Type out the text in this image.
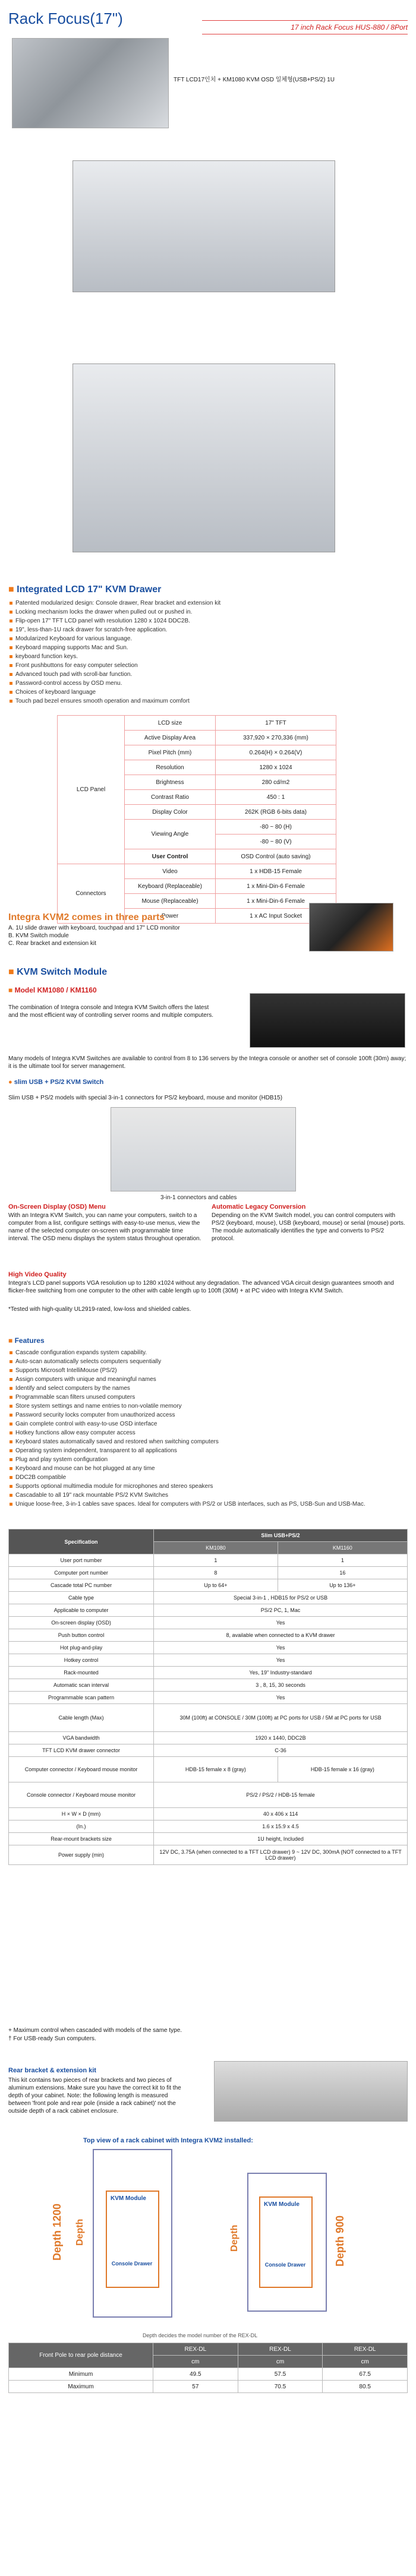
Rack Focus(17")	17 inch Rack Focus HUS-880 / 8Port
TFT LCD17인치 + KM1080 KVM OSD 일체형(USB+PS/2) 1U
■ Integrated LCD 17" KVM Drawer
Patented modularized design: Console drawer, Rear bracket and extension kit
Locking mechanism locks the drawer when pulled out or pushed in.
Flip-open 17" TFT LCD panel with resolution 1280 x 1024 DDC2B.
19", less-than-1U rack drawer for scratch-free application.
Modularized Keyboard for various language.
Keyboard mapping supports Mac and Sun.
keyboard function keys.
Front pushbuttons for easy computer selection
Advanced touch pad with scroll-bar function.
Password-control access by OSD menu.
Choices of keyboard language
Touch pad bezel ensures smooth operation and maximum comfort
LCD Panel	LCD size	17" TFT
	Active Display Area	337,920 × 270,336 (mm)
	Pixel Pitch (mm)	0.264(H) × 0.264(V)
	Resolution	1280 x 1024
	Brightness	280 cd/m2
	Contrast Ratio	450 : 1
	Display Color	262K (RGB 6-bits data)
	Viewing Angle	-80 ~ 80 (H)
		-80 ~ 80 (V)
	User Control	OSD Control (auto saving)
Connectors	Video	1 x HDB-15 Female
	Keyboard (Replaceable)	1 x Mini-Din-6 Female
	Mouse (Replaceable)	1 x Mini-Din-6 Female
	Power	1 x AC Input Socket
Integra KVM2 comes in three parts
A. 1U slide drawer with keyboard, touchpad and 17" LCD monitor
B. KVM Switch module
C. Rear bracket and extension kit
■ KVM Switch Module
■ Model KM1080 / KM1160
The combination of Integra console and Integra KVM Switch offers the latest and the most efficient way of controlling server rooms and multiple computers.
Many models of Integra KVM Switches are available to control from 8 to 136 servers by the Integra console or another set of console 100ft (30m) away; it is the ultimate tool for server management.
● slim USB + PS/2 KVM Switch
Slim USB + PS/2 models with special 3-in-1 connectors for PS/2 keyboard, mouse and monitor (HDB15)
3-in-1 connectors and cables
On-Screen Display (OSD) Menu
With an Integra KVM Switch, you can name your computers, switch to a computer from a list, configure settings with easy-to-use menus, view the name of the selected computer on-screen with programmable time interval. The OSD menu displays the system status throughout operation.
Automatic Legacy Conversion
Depending on the KVM Switch model, you can control computers with PS/2 (keyboard, mouse), USB (keyboard, mouse) or serial (mouse) ports. The module automatically identifies the type and converts to PS/2 protocol.
High Video Quality
Integra's LCD panel supports VGA resolution up to 1280 x1024 without any degradation. The advanced VGA circuit design guarantees smooth and flicker-free switching from one computer to the other with cable length up to 100ft (30M) + at PC video with Integra KVM Switch.
*Tested with high-quality UL2919-rated, low-loss and shielded cables.
■ Features
Cascade configuration expands system capability.
Auto-scan automatically selects computers sequentially
Supports Microsoft IntelliMouse (PS/2)
Assign computers with unique and meaningful names
Identify and select computers by the names
Programmable scan filters unused computers
Store system settings and name entries to non-volatile memory
Password security locks computer from unauthorized access
Gain complete control with easy-to-use OSD interface
Hotkey functions allow easy computer access
Keyboard states automatically saved and restored when switching computers
Operating system independent, transparent to all applications
Plug and play system configuration
Keyboard and mouse can be hot plugged at any time
DDC2B compatible
Supports optional multimedia module for microphones and stereo speakers
Cascadable to all 19" rack mountable PS/2 KVM Switches
Unique loose-free, 3-in-1 cables save spaces. Ideal for computers with PS/2 or USB interfaces, such as PS, USB-Sun and USB-Mac.
Specification	Slim USB+PS/2	
	KM1080	KM1160
User port number	1	1
Computer port number	8	16
Cascade total PC number	Up to 64+	Up to 136+
Cable type	Special 3-in-1 , HDB15 for PS/2 or USB	
Applicable to computer	PS/2 PC, 1, Mac	
On-screen display (OSD)	Yes	
Push button control	8, available when connected to a KVM drawer	
Hot plug-and-play	Yes	
Hotkey control	Yes	
Rack-mounted	Yes, 19" Industry-standard	
Automatic scan interval	3 , 8, 15, 30 seconds	
Programmable scan pattern	Yes	
Cable length (Max)	30M (100ft) at CONSOLE / 30M (100ft) at PC ports for USB / 5M at PC ports for USB	
VGA bandwidth	1920 x 1440, DDC2B	
TFT LCD KVM drawer connector	C-36	
Computer connector / Keyboard mouse monitor	HDB-15 female x 8 (gray)	HDB-15 female x 16 (gray)
Console connector / Keyboard mouse monitor	PS/2 / PS/2 / HDB-15 female	
H × W × D (mm)	40 x 406 x 114	
(In.)	1.6 x 15.9 x 4.5	
Rear-mount brackets size	1U height, Included	
Power supply (min)	12V DC, 3.75A (when connected to a TFT LCD drawer) 9 ~ 12V DC, 300mA (NOT connected to a TFT LCD drawer)	
+ Maximum control when cascaded with models of the same type.
† For USB-ready Sun computers.
Rear bracket & extension kit
This kit contains two pieces of rear brackets and two pieces of aluminum extensions. Make sure you have the correct kit to fit the depth of your cabinet. Note: the following length is measured between 'front pole and rear pole (inside a rack cabinet)' not the outside depth of a rack cabinet enclosure.
Top view of a rack cabinet with Integra KVM2 installed:
Depth 1200 Depth
KVM Module
Console Drawer
Depth
KVM Module
Console Drawer	Depth 900
Depth decides the model number of the REX-DL
Front Pole to rear pole distance	REX-DL	REX-DL	REX-DL
	cm	cm	cm
Minimum	49.5	57.5	67.5
Maximum	57	70.5	80.5
